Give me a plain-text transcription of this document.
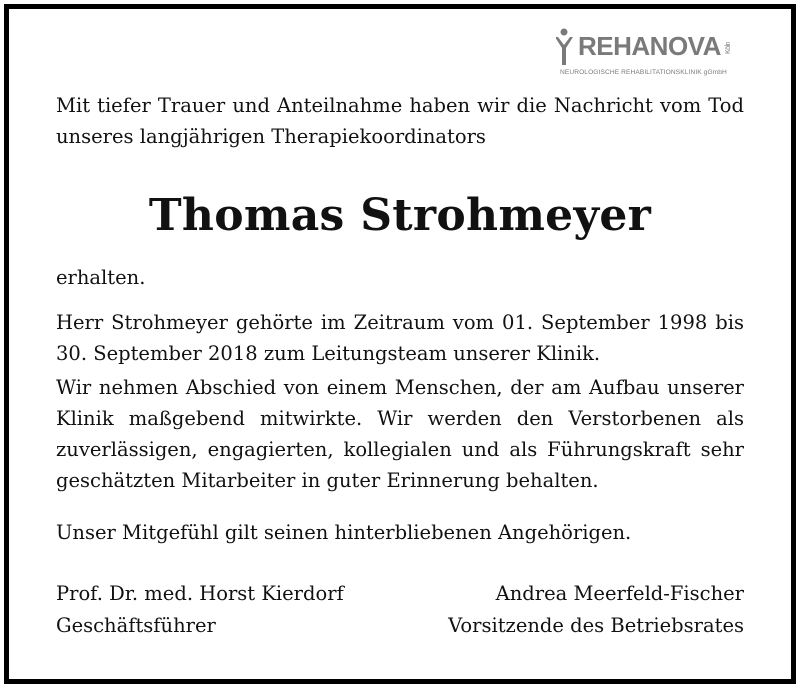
REHANOVA Köln
NEUROLOGISCHE REHABILITATIONSKLINIK gGmbH

Mit tiefer Trauer und Anteilnahme haben wir die Nachricht vom Tod unseres langjährigen Therapiekoordinators

Thomas Strohmeyer

erhalten.

Herr Strohmeyer gehörte im Zeitraum vom 01. September 1998 bis 30. September 2018 zum Leitungsteam unserer Klinik.

Wir nehmen Abschied von einem Menschen, der am Aufbau unserer Klinik maßgebend mitwirkte. Wir werden den Verstorbenen als zuverlässigen, engagierten, kollegialen und als Führungskraft sehr geschätzten Mitarbeiter in guter Erinnerung behalten.

Unser Mitgefühl gilt seinen hinterbliebenen Angehörigen.

Prof. Dr. med. Horst Kierdorf
Geschäftsführer
Andrea Meerfeld-Fischer
Vorsitzende des Betriebsrates
